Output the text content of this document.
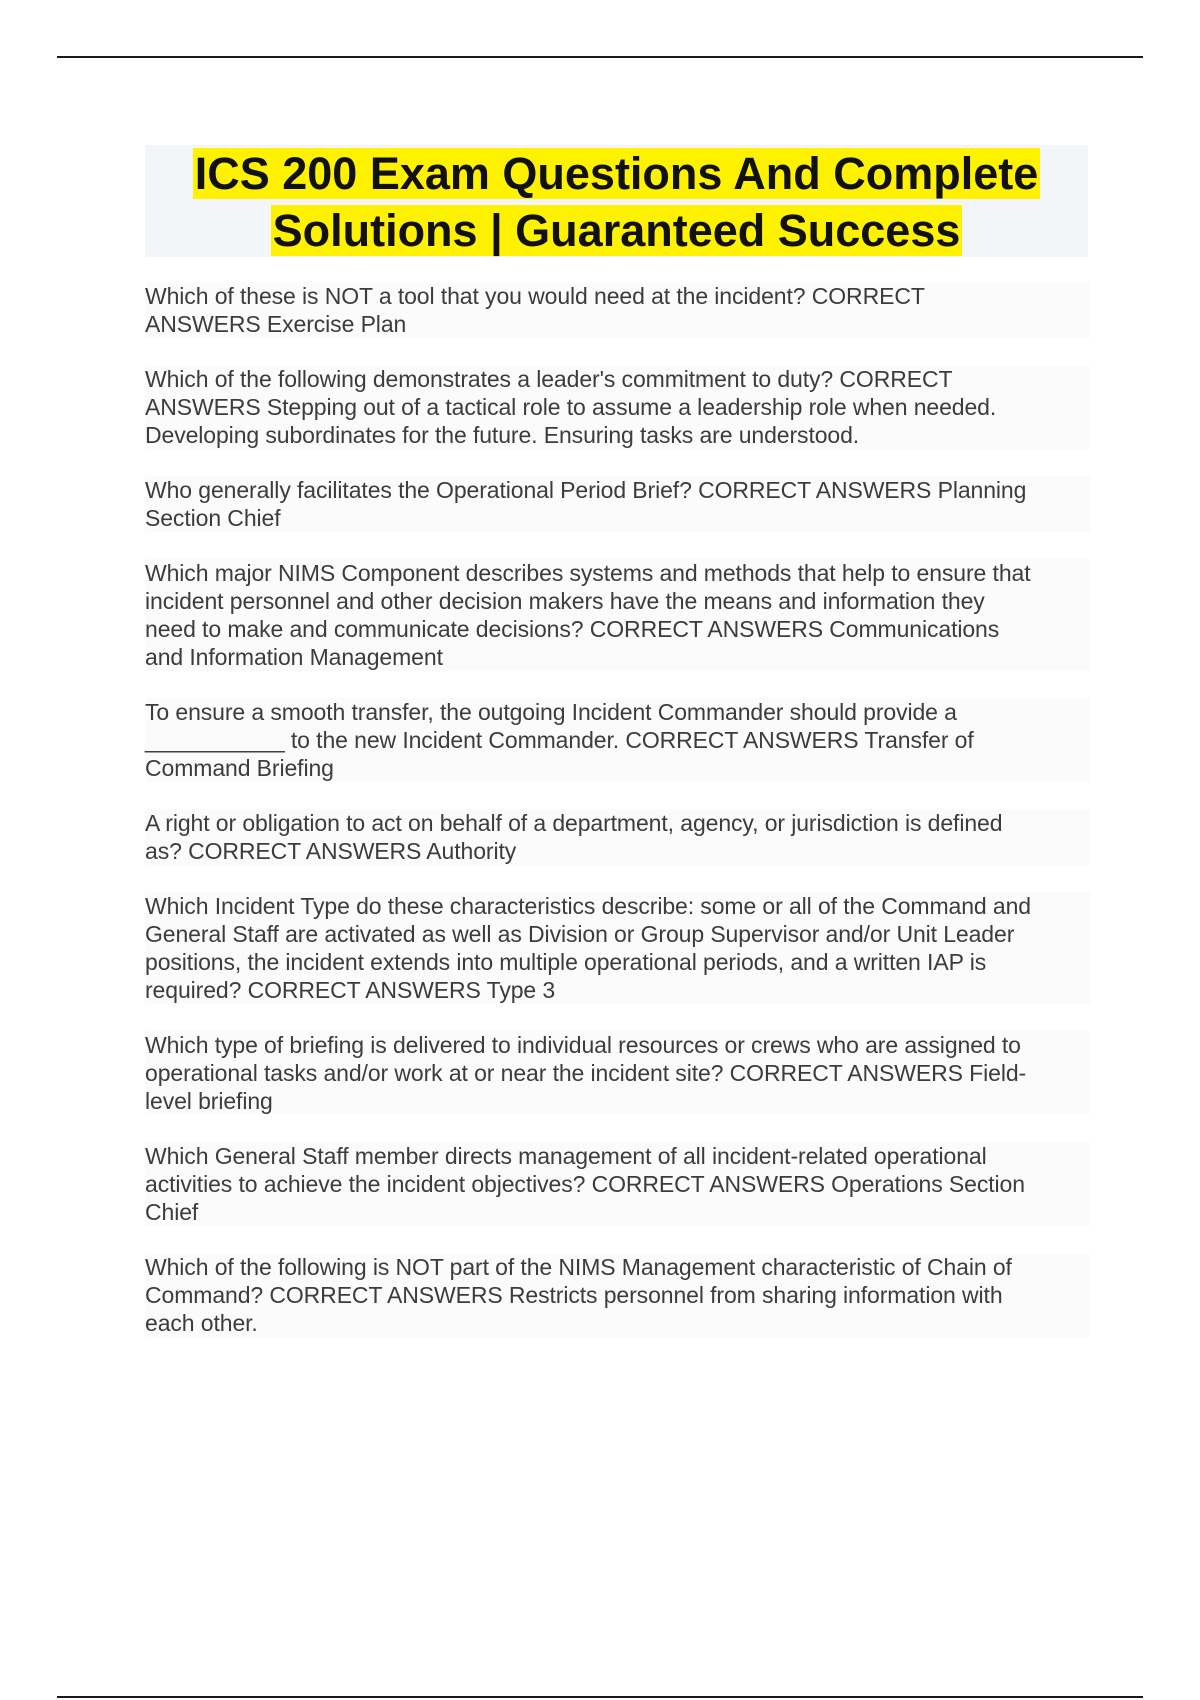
ICS 200 Exam Questions And Complete
Solutions | Guaranteed Success

Which of these is NOT a tool that you would need at the incident? CORRECT
ANSWERS Exercise Plan

Which of the following demonstrates a leader's commitment to duty? CORRECT
ANSWERS Stepping out of a tactical role to assume a leadership role when needed.
Developing subordinates for the future. Ensuring tasks are understood.

Who generally facilitates the Operational Period Brief? CORRECT ANSWERS Planning
Section Chief

Which major NIMS Component describes systems and methods that help to ensure that
incident personnel and other decision makers have the means and information they
need to make and communicate decisions? CORRECT ANSWERS Communications
and Information Management

To ensure a smooth transfer, the outgoing Incident Commander should provide a
___________ to the new Incident Commander. CORRECT ANSWERS Transfer of
Command Briefing

A right or obligation to act on behalf of a department, agency, or jurisdiction is defined
as? CORRECT ANSWERS Authority

Which Incident Type do these characteristics describe: some or all of the Command and
General Staff are activated as well as Division or Group Supervisor and/or Unit Leader
positions, the incident extends into multiple operational periods, and a written IAP is
required? CORRECT ANSWERS Type 3

Which type of briefing is delivered to individual resources or crews who are assigned to
operational tasks and/or work at or near the incident site? CORRECT ANSWERS Field-
level briefing

Which General Staff member directs management of all incident-related operational
activities to achieve the incident objectives? CORRECT ANSWERS Operations Section
Chief

Which of the following is NOT part of the NIMS Management characteristic of Chain of
Command? CORRECT ANSWERS Restricts personnel from sharing information with
each other.
